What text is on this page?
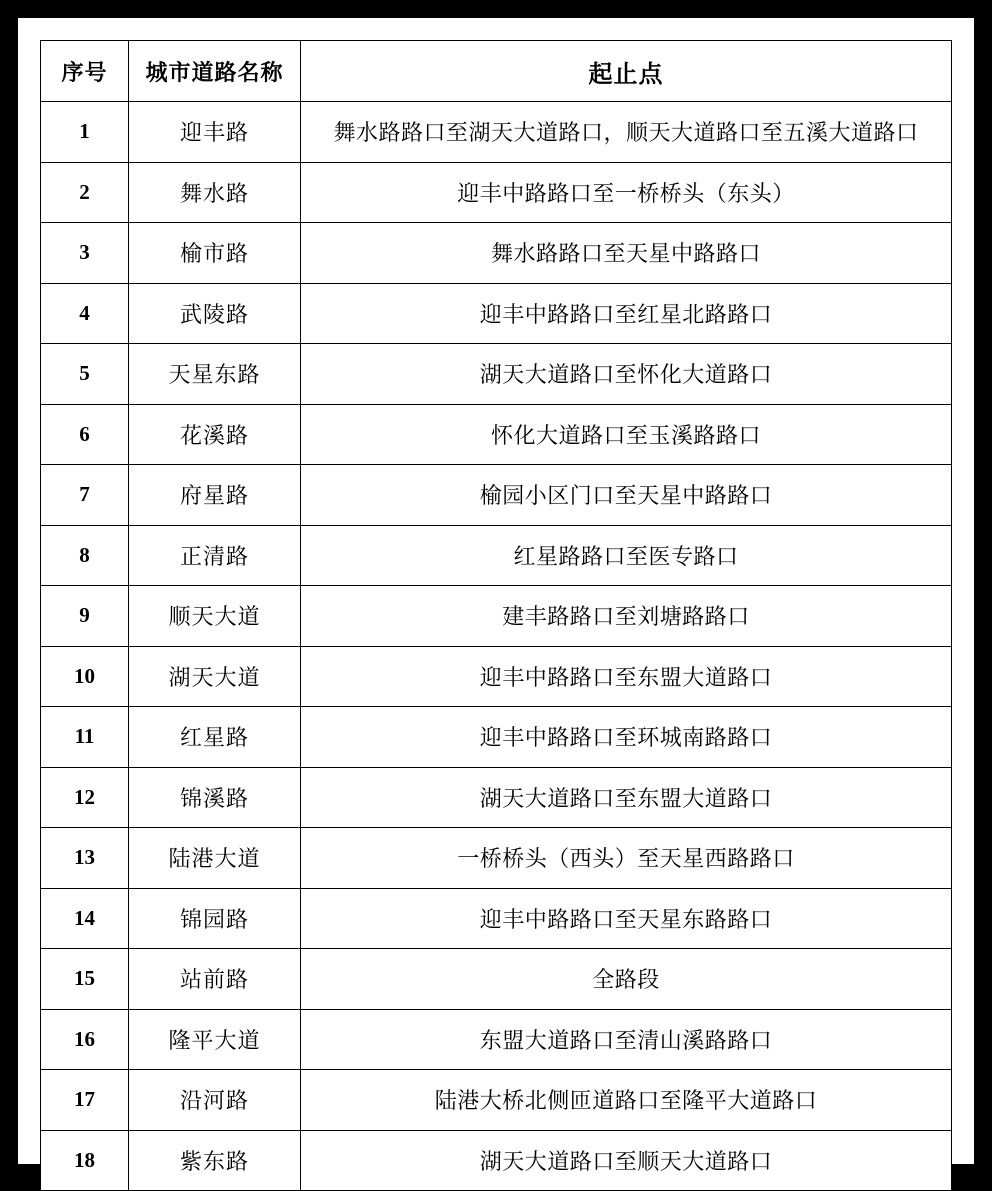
序号	城市道路名称	起止点
1	迎丰路	舞水路路口至湖天大道路口，顺天大道路口至五溪大道路口
2	舞水路	迎丰中路路口至一桥桥头（东头）
3	榆市路	舞水路路口至天星中路路口
4	武陵路	迎丰中路路口至红星北路路口
5	天星东路	湖天大道路口至怀化大道路口
6	花溪路	怀化大道路口至玉溪路路口
7	府星路	榆园小区门口至天星中路路口
8	正清路	红星路路口至医专路口
9	顺天大道	建丰路路口至刘塘路路口
10	湖天大道	迎丰中路路口至东盟大道路口
11	红星路	迎丰中路路口至环城南路路口
12	锦溪路	湖天大道路口至东盟大道路口
13	陆港大道	一桥桥头（西头）至天星西路路口
14	锦园路	迎丰中路路口至天星东路路口
15	站前路	全路段
16	隆平大道	东盟大道路口至清山溪路路口
17	沿河路	陆港大桥北侧匝道路口至隆平大道路口
18	紫东路	湖天大道路口至顺天大道路口
